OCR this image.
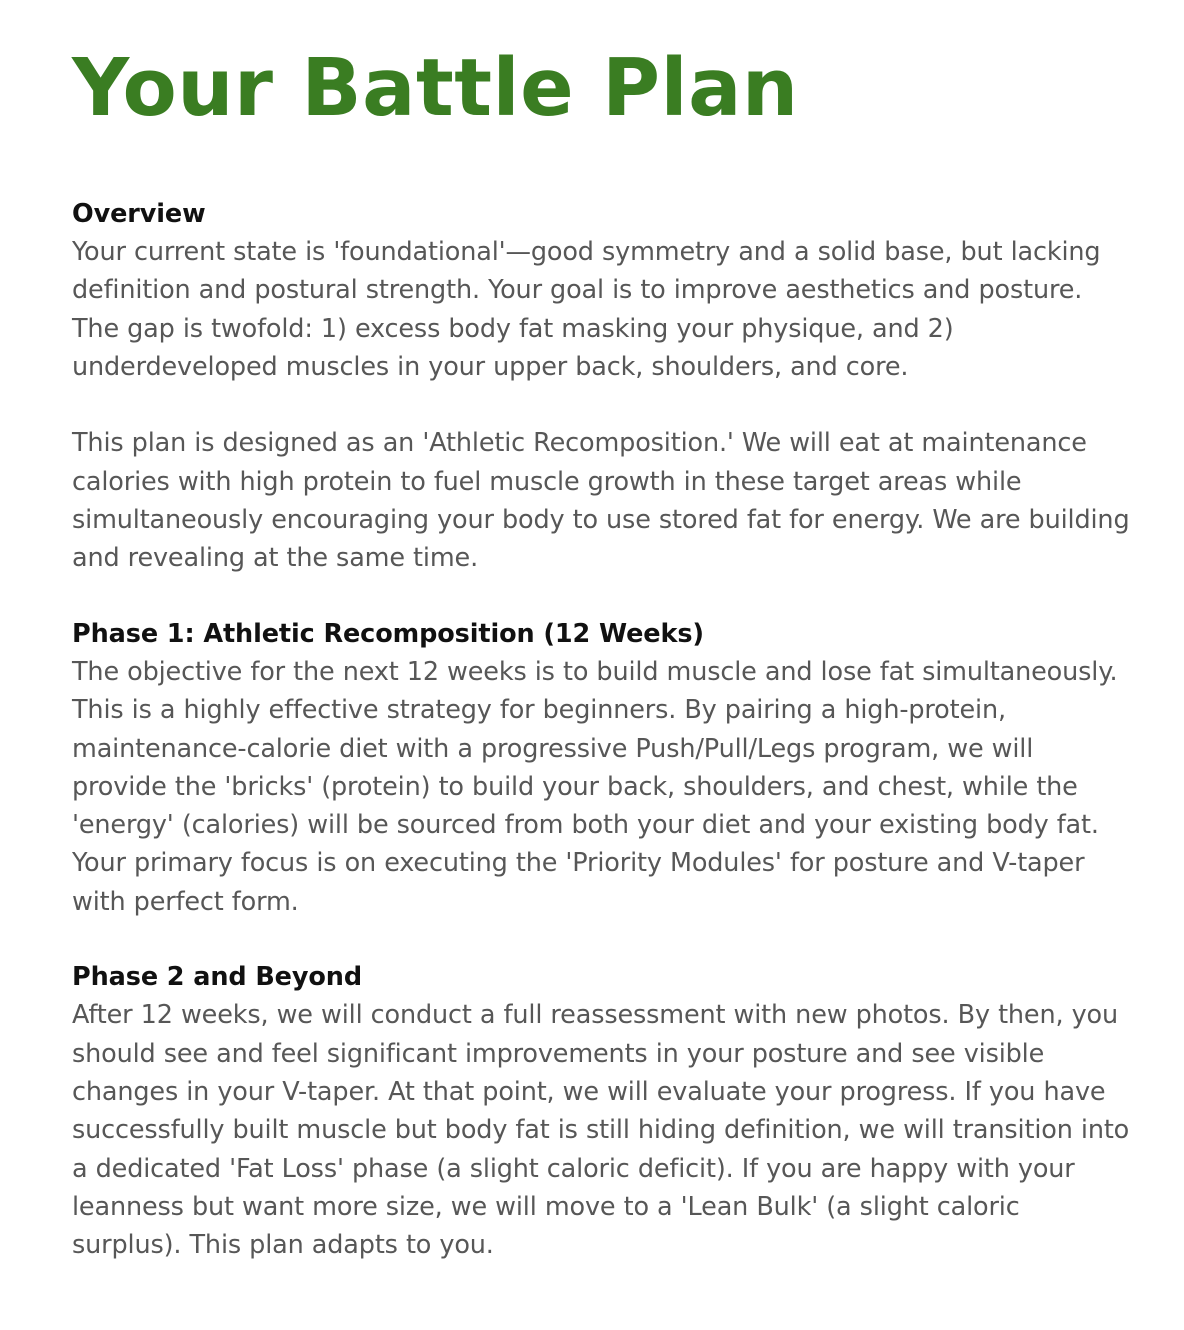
Your Battle Plan
Overview

Your current state is 'foundational'—good symmetry and a solid base, but lacking definition and postural strength. Your goal is to improve aesthetics and posture. The gap is twofold: 1) excess body fat masking your physique, and 2) underdeveloped muscles in your upper back, shoulders, and core.

This plan is designed as an 'Athletic Recomposition.' We will eat at maintenance calories with high protein to fuel muscle growth in these target areas while simultaneously encouraging your body to use stored fat for energy. We are building and revealing at the same time.

Phase 1: Athletic Recomposition (12 Weeks)

The objective for the next 12 weeks is to build muscle and lose fat simultaneously. This is a highly effective strategy for beginners. By pairing a high-protein, maintenance-calorie diet with a progressive Push/Pull/Legs program, we will provide the 'bricks' (protein) to build your back, shoulders, and chest, while the 'energy' (calories) will be sourced from both your diet and your existing body fat. Your primary focus is on executing the 'Priority Modules' for posture and V-taper with perfect form.

Phase 2 and Beyond

After 12 weeks, we will conduct a full reassessment with new photos. By then, you should see and feel significant improvements in your posture and see visible changes in your V-taper. At that point, we will evaluate your progress. If you have successfully built muscle but body fat is still hiding definition, we will transition into a dedicated 'Fat Loss' phase (a slight caloric deficit). If you are happy with your leanness but want more size, we will move to a 'Lean Bulk' (a slight caloric surplus). This plan adapts to you.
